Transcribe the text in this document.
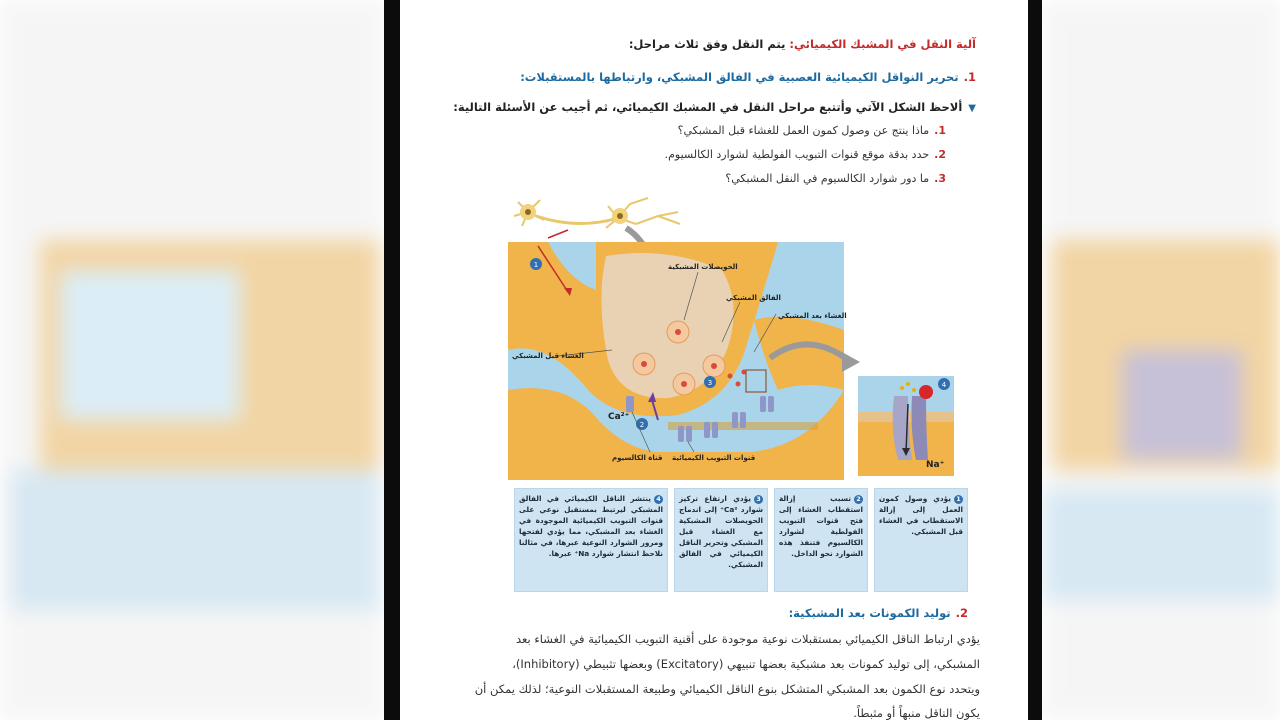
آلية النقل في المشبك الكيميائي: يتم النقل وفق ثلاث مراحل:
1.تحرير النواقل الكيميائية العصبية في الفالق المشبكي، وارتباطها بالمستقبلات:
▼ألاحظ الشكل الآتي وأتتبع مراحل النقل في المشبك الكيميائي، ثم أجيب عن الأسئلة التالية:
1.ماذا ينتج عن وصول كمون العمل للغشاء قبل المشبكي؟
2.حدد بدقة موقع قنوات التبويب الفولطية لشوارد الكالسيوم.
3.ما دور شوارد الكالسيوم في النقل المشبكي؟
1
2
3	4
الحويصلات المشبكية
الفالق المشبكي
الغشاء بعد المشبكي
الغشاء قبل المشبكي
قناة الكالسيوم قنوات التبويب الكيميائية
Ca²⁺
Na⁺
1يؤدي وصول كمون العمل إلى إزالة الاستقطاب في الغشاء قبل المشبكي.
2تسبب إزالة استقطاب الغشاء إلى فتح قنوات التبويب الفولطية لشوارد الكالسيوم فتنفذ هذه الشوارد نحو الداخل.
3يؤدي ارتفاع تركيز شوارد Ca²⁺ إلى اندماج الحويصلات المشبكية مع الغشاء قبل المشبكي وتحرير الناقل الكيميائي في الفالق المشبكي.
4ينتشر الناقل الكيميائي في الفالق المشبكي ليرتبط بمستقبل نوعي على قنوات التبويب الكيميائية الموجودة في الغشاء بعد المشبكي، مما يؤدي لفتحها ومرور الشوارد النوعية عبرها، في مثالنا نلاحظ انتشار شوارد Na⁺ عبرها.
2.توليد الكمونات بعد المشبكية:
يؤدي ارتباط الناقل الكيميائي بمستقبلات نوعية موجودة على أقنية التبويب الكيميائية في الغشاء بعد
المشبكي، إلى توليد كمونات بعد مشبكية بعضها تنبيهي (Excitatory) وبعضها تثبيطي (Inhibitory)،
ويتحدد نوع الكمون بعد المشبكي المتشكل بنوع الناقل الكيميائي وطبيعة المستقبلات النوعية؛ لذلك يمكن أن
يكون الناقل منبهاً أو مثبطاً.
